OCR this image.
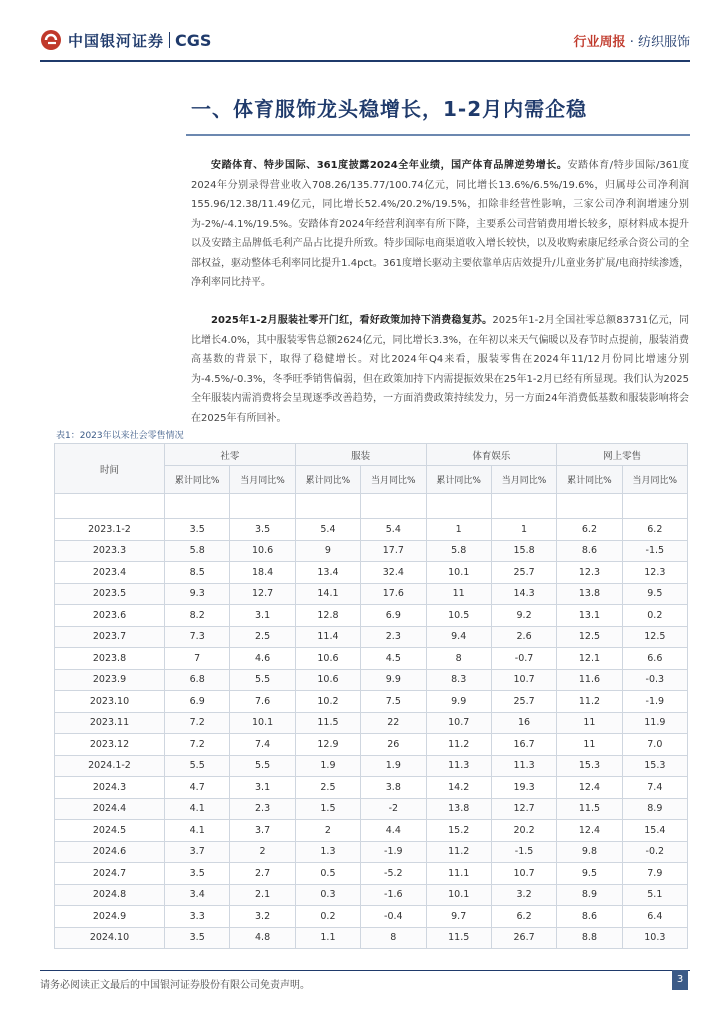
中国银河证券 CGS	行业周报 · 纺织服饰
一、体育服饰龙头稳增长，1-2月内需企稳

安踏体育、特步国际、361度披露2024全年业绩，国产体育品牌逆势增长。安踏体育/特步国际/361度2024年分别录得营业收入708.26/135.77/100.74亿元，同比增长13.6%/6.5%/19.6%，归属母公司净利润155.96/12.38/11.49亿元，同比增长52.4%/20.2%/19.5%，扣除非经营性影响，三家公司净利润增速分别为-2%/-4.1%/19.5%。安踏体育2024年经营利润率有所下降，主要系公司营销费用增长较多，原材料成本提升以及安踏主品牌低毛利产品占比提升所致。特步国际电商渠道收入增长较快，以及收购索康尼经承合资公司的全部权益，驱动整体毛利率同比提升1.4pct。361度增长驱动主要依靠单店店效提升/儿童业务扩展/电商持续渗透，净利率同比持平。

2025年1-2月服装社零开门红，看好政策加持下消费稳复苏。2025年1-2月全国社零总额83731亿元，同比增长4.0%，其中服装零售总额2624亿元，同比增长3.3%，在年初以来天气偏暖以及春节时点提前，服装消费高基数的背景下，取得了稳健增长。对比2024年Q4来看，服装零售在2024年11/12月份同比增速分别为-4.5%/-0.3%，冬季旺季销售偏弱，但在政策加持下内需提振效果在25年1-2月已经有所显现。我们认为2025全年服装内需消费将会呈现逐季改善趋势，一方面消费政策持续发力，另一方面24年消费低基数和服装影响将会在2025年有所回补。

时间	社零		服装		体育娱乐		网上零售	
	累计同比%	当月同比%	累计同比%	当月同比%	累计同比%	当月同比%	累计同比%	当月同比%

2023.1-2	3.5	3.5	5.4	5.4	1	1	6.2	6.2
2023.3	5.8	10.6	9	17.7	5.8	15.8	8.6	-1.5
2023.4	8.5	18.4	13.4	32.4	10.1	25.7	12.3	12.3
2023.5	9.3	12.7	14.1	17.6	11	14.3	13.8	9.5
2023.6	8.2	3.1	12.8	6.9	10.5	9.2	13.1	0.2
2023.7	7.3	2.5	11.4	2.3	9.4	2.6	12.5	12.5
2023.8	7	4.6	10.6	4.5	8	-0.7	12.1	6.6
2023.9	6.8	5.5	10.6	9.9	8.3	10.7	11.6	-0.3
2023.10	6.9	7.6	10.2	7.5	9.9	25.7	11.2	-1.9
2023.11	7.2	10.1	11.5	22	10.7	16	11	11.9
2023.12	7.2	7.4	12.9	26	11.2	16.7	11	7.0
2024.1-2	5.5	5.5	1.9	1.9	11.3	11.3	15.3	15.3
2024.3	4.7	3.1	2.5	3.8	14.2	19.3	12.4	7.4
2024.4	4.1	2.3	1.5	-2	13.8	12.7	11.5	8.9
2024.5	4.1	3.7	2	4.4	15.2	20.2	12.4	15.4
2024.6	3.7	2	1.3	-1.9	11.2	-1.5	9.8	-0.2
2024.7	3.5	2.7	0.5	-5.2	11.1	10.7	9.5	7.9
2024.8	3.4	2.1	0.3	-1.6	10.1	3.2	8.9	5.1
2024.9	3.3	3.2	0.2	-0.4	9.7	6.2	8.6	6.4
2024.10	3.5	4.8	1.1	8	11.5	26.7	8.8	10.3
表1：2023年以来社会零售情况
请务必阅读正文最后的中国银河证券股份有限公司免责声明。
3
